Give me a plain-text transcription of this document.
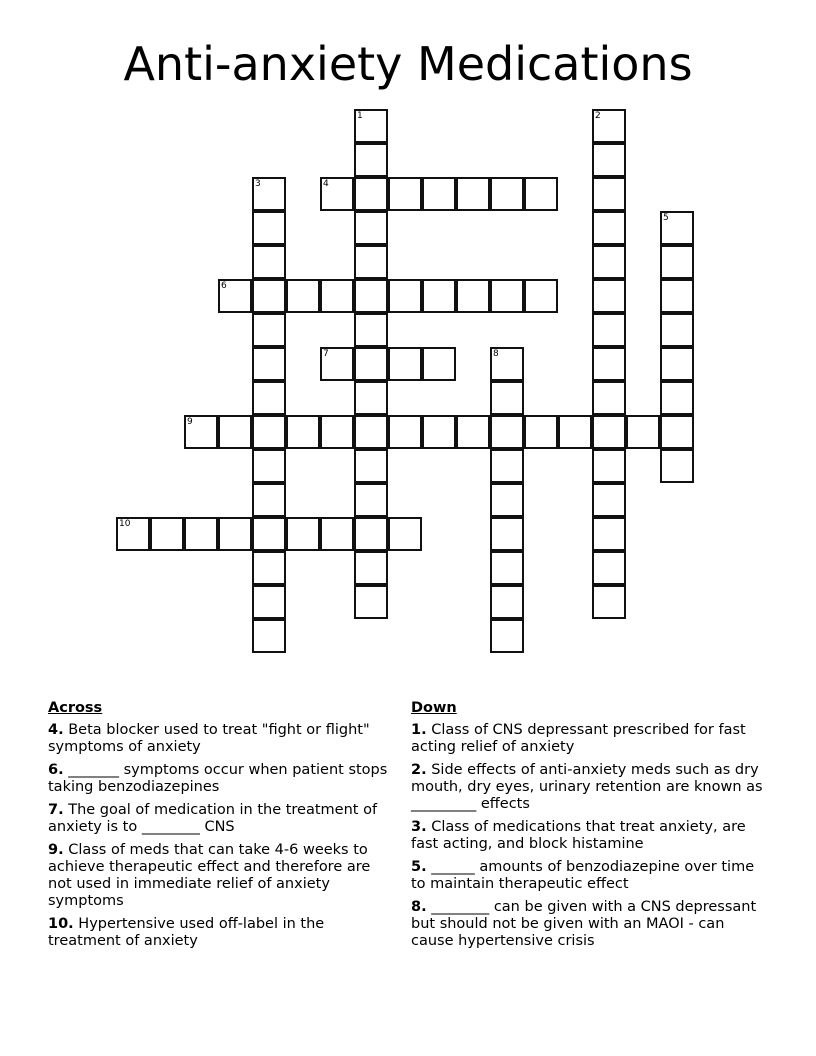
Anti-anxiety Medications
1	2
3	4
5
6
7	8
9
10
Across
4. Beta blocker used to treat "fight or flight" symptoms of anxiety
6. _______ symptoms occur when patient stops taking benzodiazepines
7. The goal of medication in the treatment of anxiety is to ________ CNS
9. Class of meds that can take 4-6 weeks to achieve therapeutic effect and therefore are not used in immediate relief of anxiety symptoms
10. Hypertensive used off-label in the treatment of anxiety
Down
1. Class of CNS depressant prescribed for fast acting relief of anxiety
2. Side effects of anti-anxiety meds such as dry mouth, dry eyes, urinary retention are known as _________ effects
3. Class of medications that treat anxiety, are fast acting, and block histamine
5. ______ amounts of benzodiazepine over time to maintain therapeutic effect
8. ________ can be given with a CNS depressant but should not be given with an MAOI - can cause hypertensive crisis
